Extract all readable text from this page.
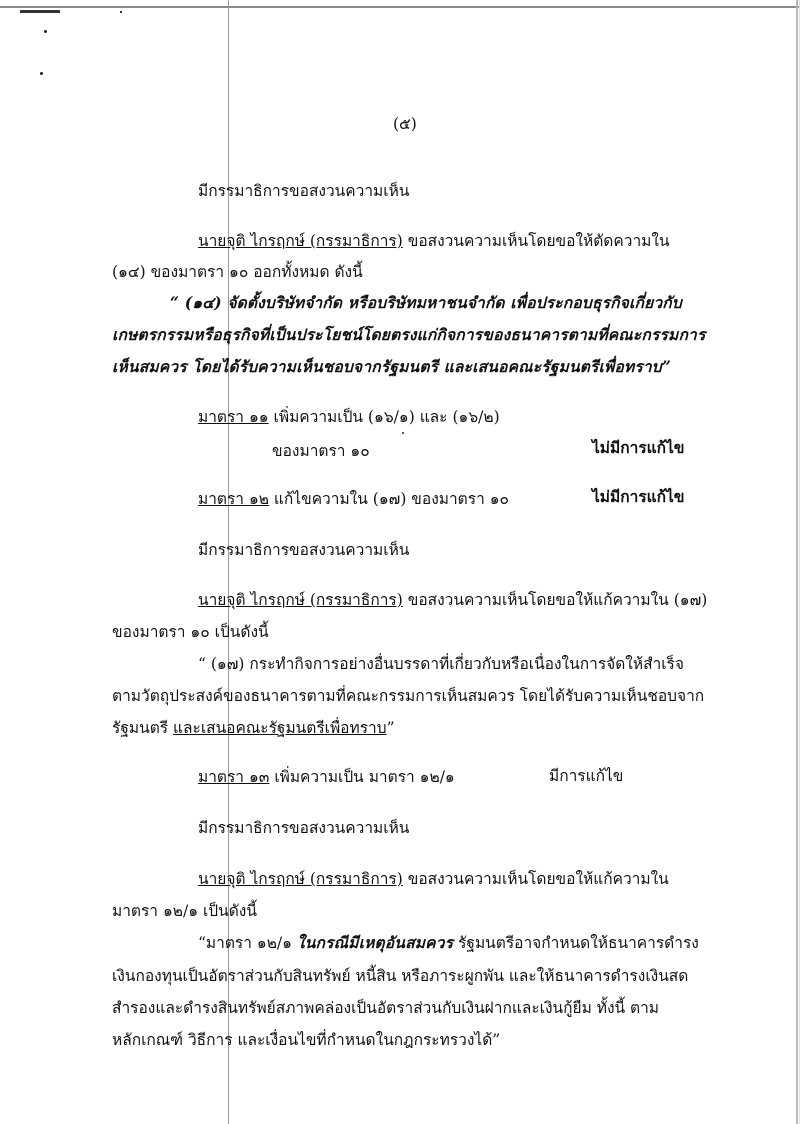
(๕)
มีกรรมาธิการขอสงวนความเห็น
นายจุติ ไกรฤกษ์ (กรรมาธิการ) ขอสงวนความเห็นโดยขอให้ตัดความใน
(๑๔) ของมาตรา ๑๐ ออกทั้งหมด ดังนี้
“ (๑๔) จัดตั้งบริษัทจำกัด หรือบริษัทมหาชนจำกัด เพื่อประกอบธุรกิจเกี่ยวกับ
เกษตรกรรมหรือธุรกิจที่เป็นประโยชน์โดยตรงแก่กิจการของธนาคารตามที่คณะกรรมการ
เห็นสมควร โดยได้รับความเห็นชอบจากรัฐมนตรี และเสนอคณะรัฐมนตรีเพื่อทราบ”
มาตรา ๑๑ เพิ่มความเป็น (๑๖/๑) และ (๑๖/๒)
ของมาตรา ๑๐	ไม่มีการแก้ไข
มาตรา ๑๒ แก้ไขความใน (๑๗) ของมาตรา ๑๐	ไม่มีการแก้ไข
มีกรรมาธิการขอสงวนความเห็น
นายจุติ ไกรฤกษ์ (กรรมาธิการ) ขอสงวนความเห็นโดยขอให้แก้ความใน (๑๗)
ของมาตรา ๑๐ เป็นดังนี้
“ (๑๗) กระทำกิจการอย่างอื่นบรรดาที่เกี่ยวกับหรือเนื่องในการจัดให้สำเร็จ
ตามวัตถุประสงค์ของธนาคารตามที่คณะกรรมการเห็นสมควร โดยได้รับความเห็นชอบจาก
รัฐมนตรี และเสนอคณะรัฐมนตรีเพื่อทราบ”
มาตรา ๑๓ เพิ่มความเป็น มาตรา ๑๒/๑	มีการแก้ไข
มีกรรมาธิการขอสงวนความเห็น
นายจุติ ไกรฤกษ์ (กรรมาธิการ) ขอสงวนความเห็นโดยขอให้แก้ความใน
มาตรา ๑๒/๑ เป็นดังนี้
“มาตรา ๑๒/๑ ในกรณีมีเหตุอันสมควร รัฐมนตรีอาจกำหนดให้ธนาคารดำรง
เงินกองทุนเป็นอัตราส่วนกับสินทรัพย์ หนี้สิน หรือภาระผูกพัน และให้ธนาคารดำรงเงินสด
สำรองและดำรงสินทรัพย์สภาพคล่องเป็นอัตราส่วนกับเงินฝากและเงินกู้ยืม ทั้งนี้ ตาม
หลักเกณฑ์ วิธีการ และเงื่อนไขที่กำหนดในกฎกระทรวงได้”
